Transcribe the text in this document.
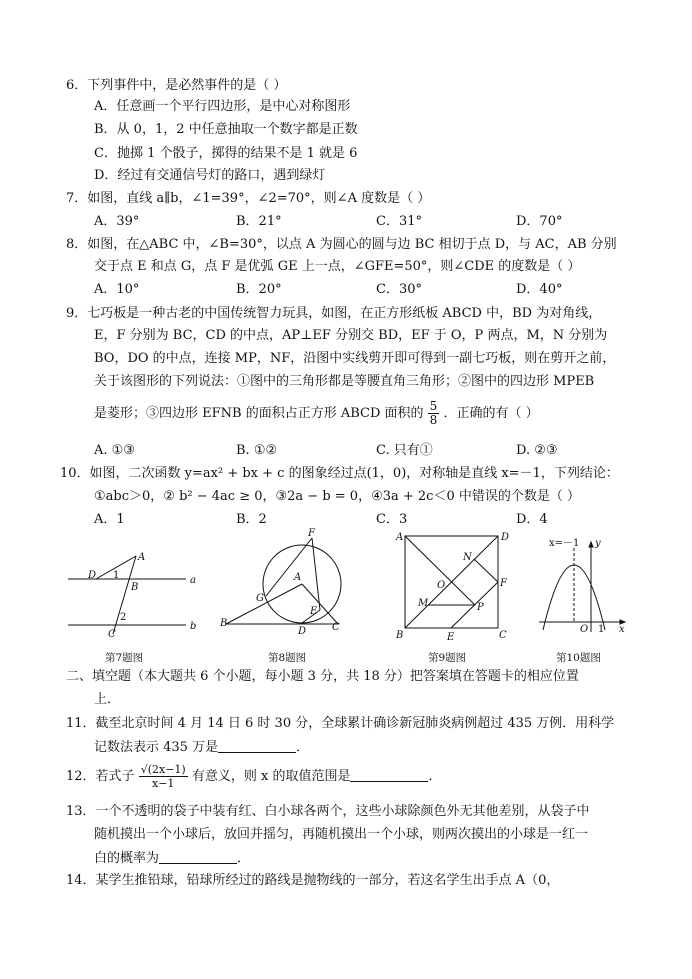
6．下列事件中，是必然事件的是（ ）
A．任意画一个平行四边形，是中心对称图形
B．从 0，1，2 中任意抽取一个数字都是正数
C．抛掷 1 个骰子，掷得的结果不是 1 就是 6
D．经过有交通信号灯的路口，遇到绿灯
7．如图，直线 a∥b，∠1=39°，∠2=70°，则∠A 度数是（ ）
A．39°	B．21°	C．31°	D．70°
8．如图，在△ABC 中，∠B=30°，以点 A 为圆心的圆与边 BC 相切于点 D，与 AC，AB 分别
交于点 E 和点 G，点 F 是优弧 GE 上一点，∠GFE=50°，则∠CDE 的度数是（ ）
A．10°	B．20°	C．30°	D．40°
9．七巧板是一种古老的中国传统智力玩具，如图，在正方形纸板 ABCD 中，BD 为对角线，
E，F 分别为 BC，CD 的中点，AP⊥EF 分别交 BD，EF 于 O，P 两点，M，N 分别为
BO，DO 的中点，连接 MP，NF，沿图中实线剪开即可得到一副七巧板，则在剪开之前，
关于该图形的下列说法：①图中的三角形都是等腰直角三角形；②图中的四边形 MPEB
是菱形；③四边形 EFNB 的面积占正方形 ABCD 面积的 $\frac{5}{8}$ ．正确的有（ ）
A. ①③	B. ①②	C. 只有①	D. ②③
10．如图，二次函数 y=ax² + bx + c 的图象经过点(1，0)，对称轴是直线 x=－1，下列结论：
①abc＞0，② b² − 4ac ≥ 0，③2a − b = 0，④3a + 2c＜0 中错误的个数是（ ）
A．1	B．2	C．3	D．4
A
D 1
B
2
C
a
b
第7题图
F
A
G
E
B
D	C
第8题图
A	D
N
O	F
M	P
B	E	C
第9题图
x=－1 y
O 1 x
第10题图
二、填空题（本大题共 6 个小题，每小题 3 分，共 18 分）把答案填在答题卡的相应位置
上．
11．截至北京时间 4 月 14 日 6 时 30 分，全球累计确诊新冠肺炎病例超过 435 万例．用科学
记数法表示 435 万是	．
12．若式子 $\frac{√(2x-1)}{x-1}$ 有意义，则 x 的取值范围是	．
13．一个不透明的袋子中装有红、白小球各两个，这些小球除颜色外无其他差别，从袋子中
随机摸出一个小球后，放回并摇匀，再随机摸出一个小球，则两次摸出的小球是一红一
白的概率为	．
14．某学生推铅球，铅球所经过的路线是抛物线的一部分，若这名学生出手点 A（0，
